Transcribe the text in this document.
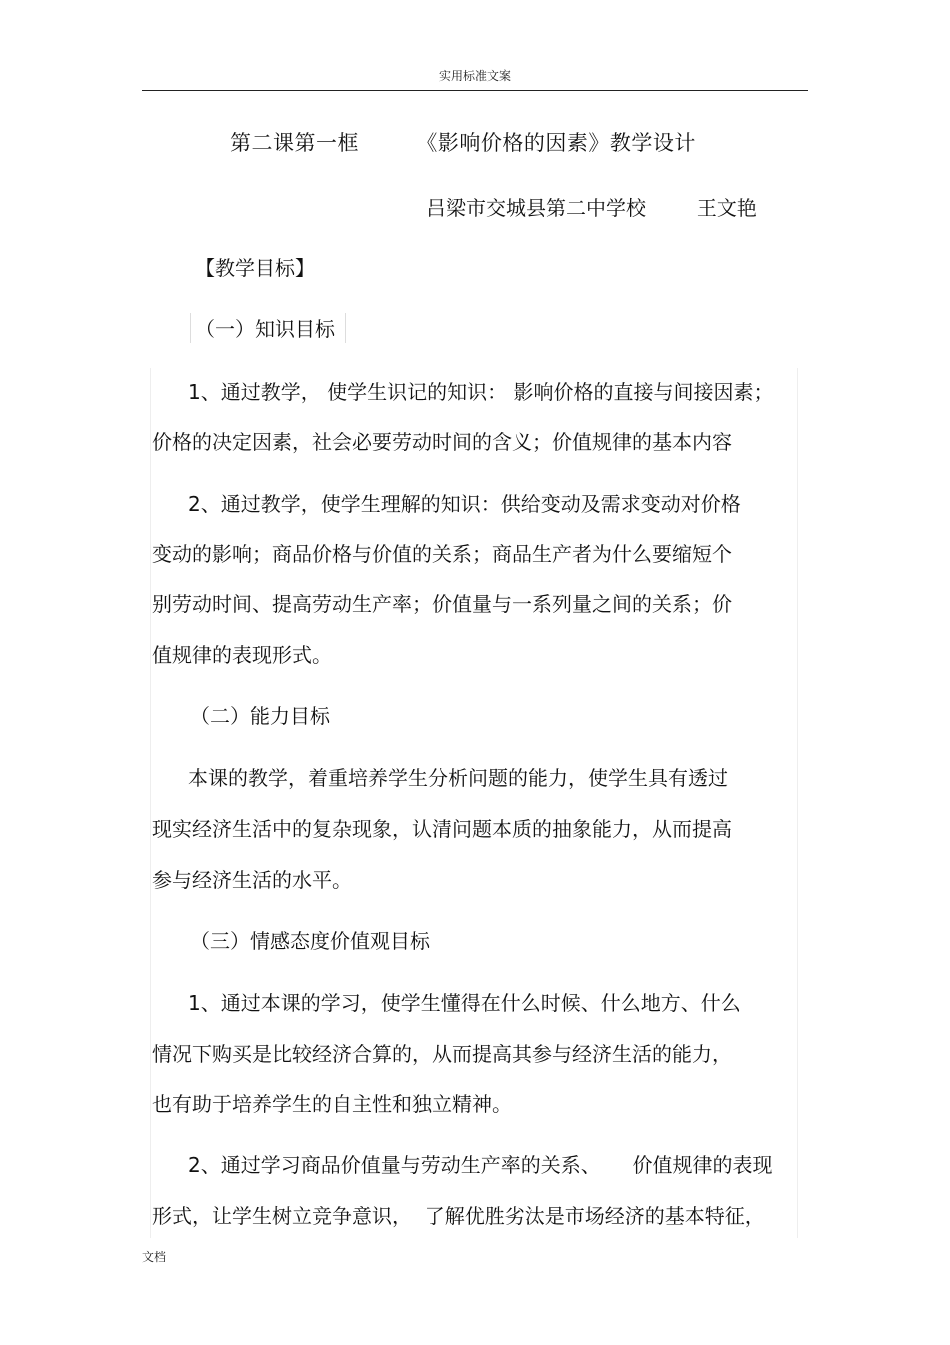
实用标准文案
第二课第一框        《影响价格的因素》教学设计
吕梁市交城县第二中学校        王文艳
【教学目标】
（一）知识目标
1、通过教学， 使学生识记的知识： 影响价格的直接与间接因素；
价格的决定因素，社会必要劳动时间的含义；价值规律的基本内容
2、通过教学，使学生理解的知识：供给变动及需求变动对价格
变动的影响；商品价格与价值的关系；商品生产者为什么要缩短个
别劳动时间、提高劳动生产率；价值量与一系列量之间的关系；价
值规律的表现形式。
（二）能力目标
本课的教学，着重培养学生分析问题的能力，使学生具有透过
现实经济生活中的复杂现象，认清问题本质的抽象能力，从而提高
参与经济生活的水平。
（三）情感态度价值观目标
1、通过本课的学习，使学生懂得在什么时候、什么地方、什么
情况下购买是比较经济合算的，从而提高其参与经济生活的能力，
也有助于培养学生的自主性和独立精神。
2、通过学习商品价值量与劳动生产率的关系、     价值规律的表现
形式，让学生树立竞争意识，  了解优胜劣汰是市场经济的基本特征，
文档
